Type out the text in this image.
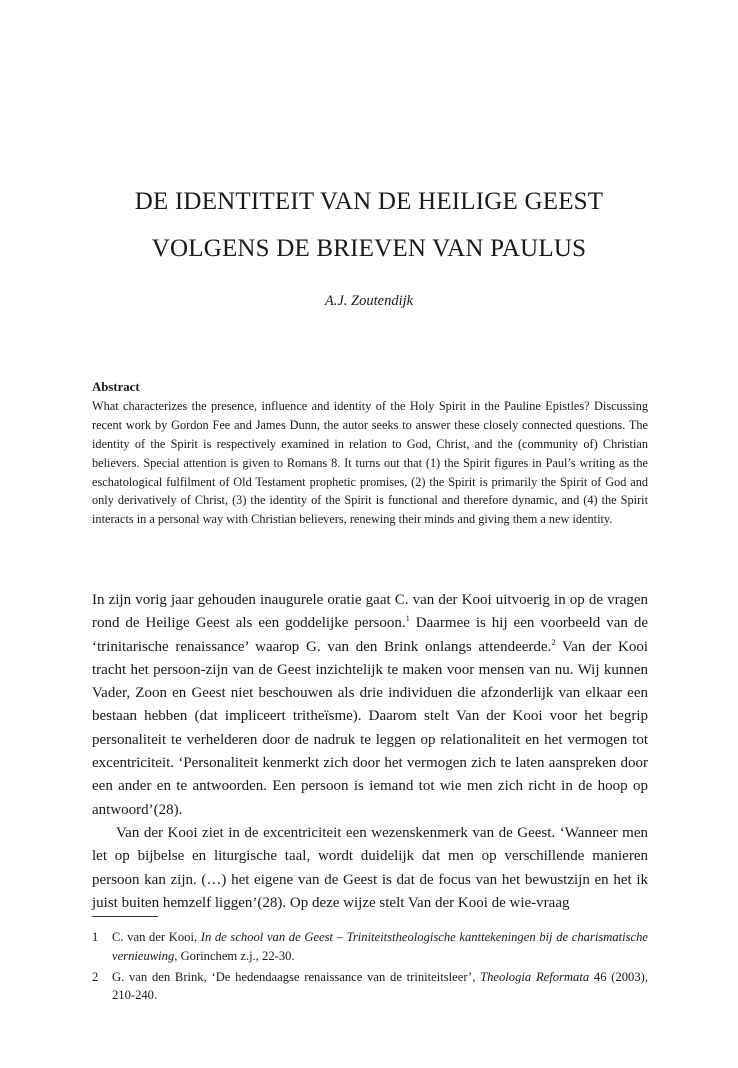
DE IDENTITEIT VAN DE HEILIGE GEEST
VOLGENS DE BRIEVEN VAN PAULUS

A.J. Zoutendijk

Abstract
What characterizes the presence, influence and identity of the Holy Spirit in the Pauline Epistles? Discussing recent work by Gordon Fee and James Dunn, the autor seeks to answer these closely connected questions. The identity of the Spirit is respectively examined in relation to God, Christ, and the (community of) Christian believers. Special attention is given to Romans 8. It turns out that (1) the Spirit figures in Paul’s writing as the eschatological fulfilment of Old Testament prophetic promises, (2) the Spirit is primarily the Spirit of God and only derivatively of Christ, (3) the identity of the Spirit is functional and therefore dynamic, and (4) the Spirit interacts in a personal way with Christian believers, renewing their minds and giving them a new identity.

In zijn vorig jaar gehouden inaugurele oratie gaat C. van der Kooi uitvoerig in op de vragen rond de Heilige Geest als een goddelijke persoon.$^1$ Daarmee is hij een voorbeeld van de ‘trinitarische renaissance’ waarop G. van den Brink onlangs attendeerde.$^2$ Van der Kooi tracht het persoon-zijn van de Geest inzichtelijk te maken voor mensen van nu. Wij kunnen Vader, Zoon en Geest niet beschouwen als drie individuen die afzonderlijk van elkaar een bestaan hebben (dat impliceert tritheïsme). Daarom stelt Van der Kooi voor het begrip personaliteit te verhelderen door de nadruk te leggen op relationaliteit en het vermogen tot excentriciteit. ‘Personaliteit kenmerkt zich door het vermogen zich te laten aanspreken door een ander en te antwoorden. Een persoon is iemand tot wie men zich richt in de hoop op antwoord’(28).

Van der Kooi ziet in de excentriciteit een wezenskenmerk van de Geest. ‘Wanneer men let op bijbelse en liturgische taal, wordt duidelijk dat men op verschillende manieren persoon kan zijn. (…) het eigene van de Geest is dat de focus van het bewustzijn en het ik juist buiten hemzelf liggen’(28). Op deze wijze stelt Van der Kooi de wie-vraag

1 C. van der Kooi, In de school van de Geest – Triniteitstheologische kanttekeningen bij de charismatische vernieuwing, Gorinchem z.j., 22-30.

2 G. van den Brink, ‘De hedendaagse renaissance van de triniteitsleer’, Theologia Reformata 46 (2003), 210-240.
